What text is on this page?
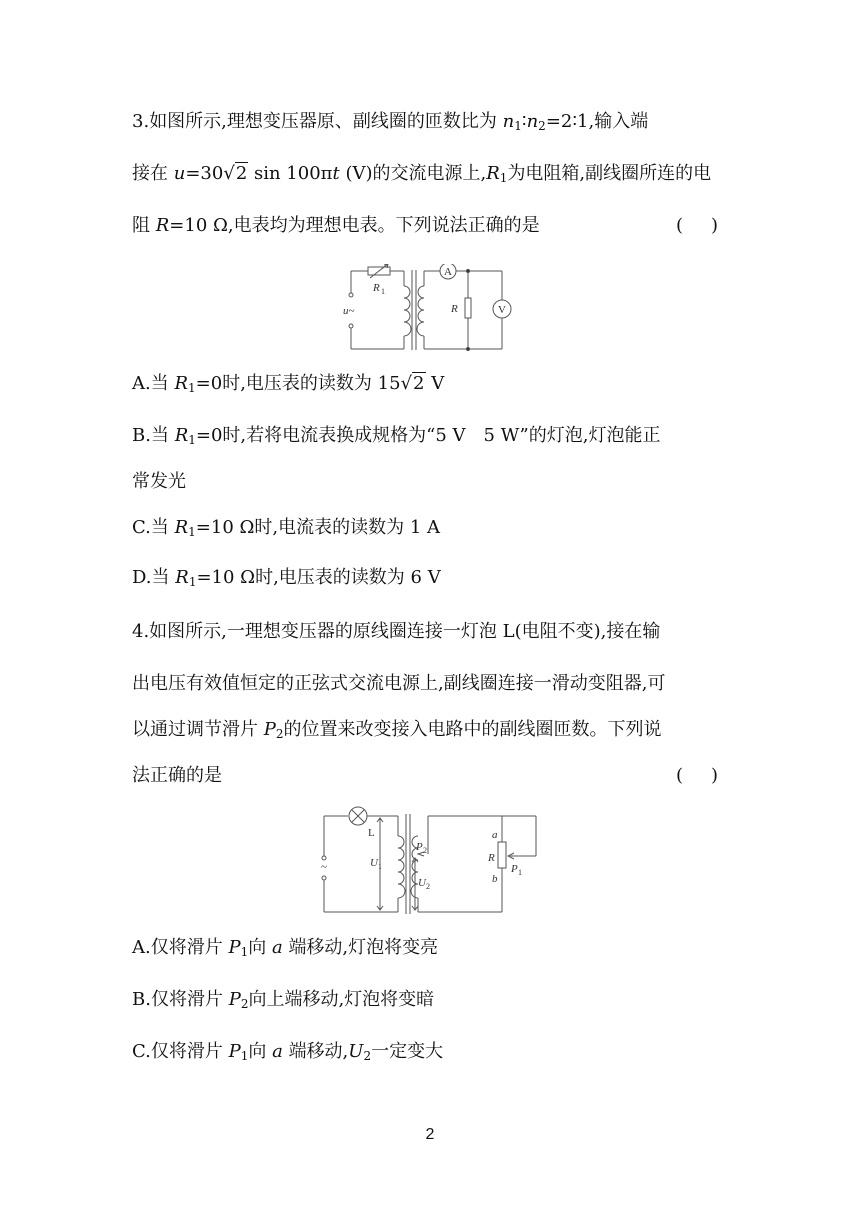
3.如图所示,理想变压器原、副线圈的匝数比为 $n_1∶n_2=2∶1$,输入端
接在 u=30√2 sin 100πt (V)的交流电源上$,R_1$为电阻箱,副线圈所连的电
阻 R=10 Ω,电表均为理想电表。下列说法正确的是	( )
R 1
u~
A
R	V
A.当 $R_1=0$时,电压表的读数为 15√2 V
B.当 $R_1=0$时,若将电流表换成规格为“5 V　5 W”的灯泡,灯泡能正
常发光
C.当 $R_1=10$ Ω时,电流表的读数为 1 A
D.当 $R_1=10$ Ω时,电压表的读数为 6 V
4.如图所示,一理想变压器的原线圈连接一灯泡 L(电阻不变),接在输
出电压有效值恒定的正弦式交流电源上,副线圈连接一滑动变阻器,可
以通过调节滑片 $P_2$的位置来改变接入电路中的副线圈匝数。下列说
法正确的是	( )
L
~	U 1
P 2
U 2
a
R
P 1
b
A.仅将滑片 $P_1$向 a 端移动,灯泡将变亮
B.仅将滑片 $P_2$向上端移动,灯泡将变暗
C.仅将滑片 $P_1$向 a 端移动$,U_2$一定变大
2
